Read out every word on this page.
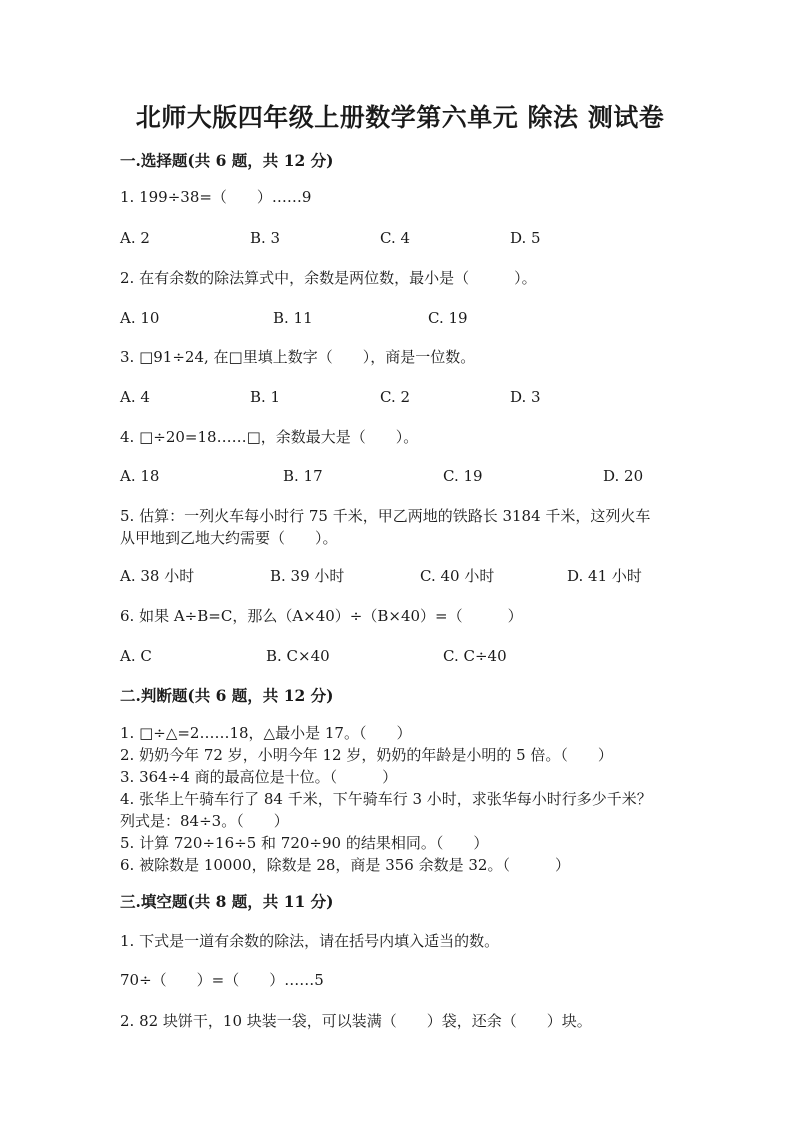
北师大版四年级上册数学第六单元 除法 测试卷
一.选择题(共 6 题，共 12 分)
1. 199÷38=（　　）……9
A. 2	B. 3	C. 4	D. 5
2. 在有余数的除法算式中，余数是两位数，最小是（　　　）。
A. 10	B. 11	C. 19
3. □91÷24, 在□里填上数字（　　），商是一位数。
A. 4	B. 1	C. 2	D. 3
4. □÷20=18……□，余数最大是（　　）。
A. 18	B. 17	C. 19	D. 20
5. 估算：一列火车每小时行 75 千米，甲乙两地的铁路长 3184 千米，这列火车
从甲地到乙地大约需要（　　）。
A. 38 小时	B. 39 小时	C. 40 小时	D. 41 小时
6. 如果 A÷B=C，那么（A×40）÷（B×40）=（　　　）
A. C	B. C×40	C. C÷40
二.判断题(共 6 题，共 12 分)
1. □÷△=2……18，△最小是 17。（　　）
2. 奶奶今年 72 岁，小明今年 12 岁，奶奶的年龄是小明的 5 倍。（　　）
3. 364÷4 商的最高位是十位。（　　　）
4. 张华上午骑车行了 84 千米，下午骑车行 3 小时，求张华每小时行多少千米？
列式是：84÷3。（　　）
5. 计算 720÷16÷5 和 720÷90 的结果相同。（　　）
6. 被除数是 10000，除数是 28，商是 356 余数是 32。（　　　）
三.填空题(共 8 题，共 11 分)
1. 下式是一道有余数的除法，请在括号内填入适当的数。
70÷（　　）=（　　）……5
2. 82 块饼干，10 块装一袋，可以装满（　　）袋，还余（　　）块。
